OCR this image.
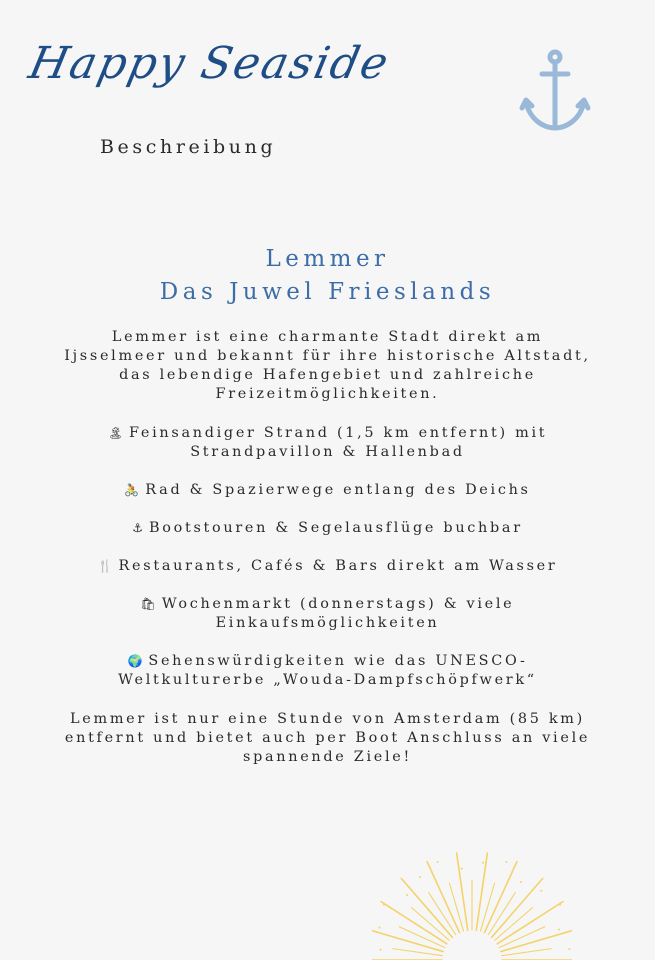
Happy Seaside
Beschreibung
Lemmer
Das Juwel Frieslands

Lemmer ist eine charmante Stadt direkt am Ijsselmeer und bekannt für ihre historische Altstadt, das lebendige Hafengebiet und zahlreiche Freizeitmöglichkeiten.

🏝 Feinsandiger Strand (1,5 km entfernt) mit Strandpavillon & Hallenbad

🚴 Rad & Spazierwege entlang des Deichs

⚓ Bootstouren & Segelausflüge buchbar

🍴 Restaurants, Cafés & Bars direkt am Wasser

🛍 Wochenmarkt (donnerstags) & viele Einkaufsmöglichkeiten

🌍 Sehenswürdigkeiten wie das UNESCO-Weltkulturerbe „Wouda-Dampfschöpfwerk“

Lemmer ist nur eine Stunde von Amsterdam (85 km) entfernt und bietet auch per Boot Anschluss an viele spannende Ziele!
